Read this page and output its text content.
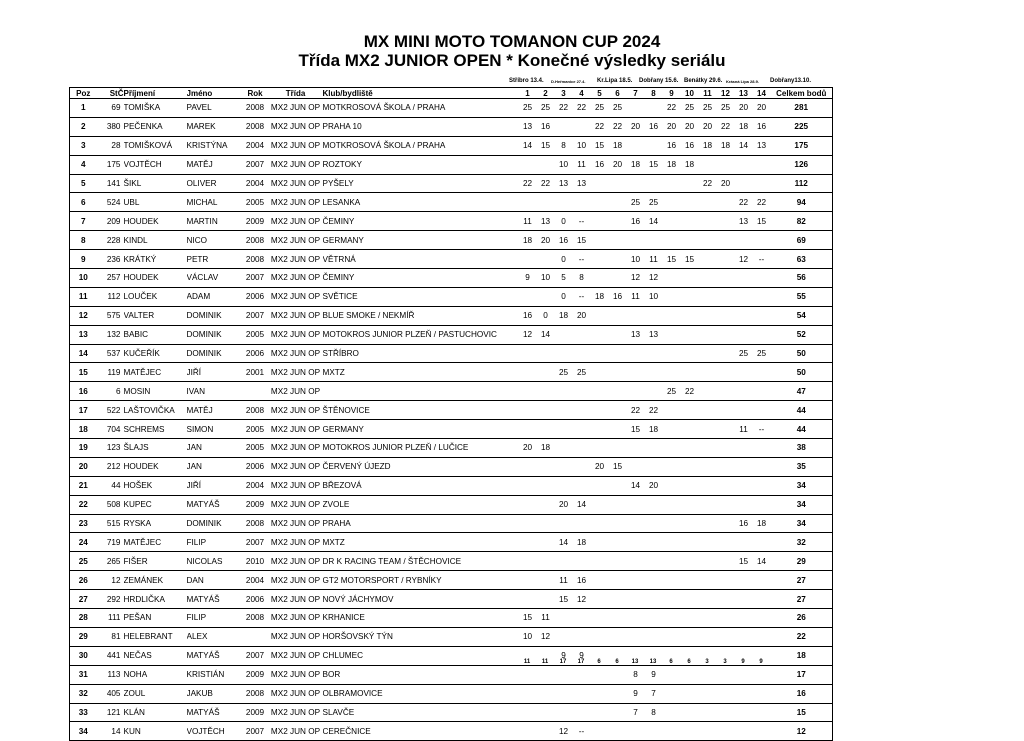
MX MINI MOTO TOMANON CUP 2024
Třída MX2 JUNIOR OPEN * Konečné výsledky seriálu
Stříbro 13.4. D.Heřmanice 27.4. Kr.Lipa 18.5. Dobřany 15.6. Benátky 29.6. Krásná Lípa 28.9. Dobřany13.10.
Poz	StČ	Příjmení	Jméno	Rok	Třída	Klub/bydliště	1	2	3	4	5	6	7	8	9	10	11	12	13	14	Celkem bodů
1	69	TOMIŠKA	PAVEL	2008	MX2 JUN OP	MOTKROSOVÁ ŠKOLA / PRAHA	25	25	22	22	25	25			22	25	25	25	20	20	281
2	380	PEČENKA	MAREK	2008	MX2 JUN OP	PRAHA 10	13	16			22	22	20	16	20	20	20	22	18	16	225
3	28	TOMIŠKOVÁ	KRISTÝNA	2004	MX2 JUN OP	MOTKROSOVÁ ŠKOLA / PRAHA	14	15	8	10	15	18			16	16	18	18	14	13	175
4	175	VOJTĚCH	MATĚJ	2007	MX2 JUN OP	ROZTOKY			10	11	16	20	18	15	18	18					126
5	141	ŠIKL	OLIVER	2004	MX2 JUN OP	PYŠELY	22	22	13	13							22	20			112
6	524	UBL	MICHAL	2005	MX2 JUN OP	LESANKA							25	25					22	22	94
7	209	HOUDEK	MARTIN	2009	MX2 JUN OP	ČEMINY	11	13	0	--			16	14					13	15	82
8	228	KINDL	NICO	2008	MX2 JUN OP	GERMANY	18	20	16	15											69
9	236	KRÁTKÝ	PETR	2008	MX2 JUN OP	VĚTRNÁ			0	--			10	11	15	15			12	--	63
10	257	HOUDEK	VÁCLAV	2007	MX2 JUN OP	ČEMINY	9	10	5	8			12	12							56
11	112	LOUČEK	ADAM	2006	MX2 JUN OP	SVĚTICE			0	--	18	16	11	10							55
12	575	VALTER	DOMINIK	2007	MX2 JUN OP	BLUE SMOKE / NEKMÍŘ	16	0	18	20											54
13	132	BABIC	DOMINIK	2005	MX2 JUN OP	MOTOKROS JUNIOR PLZEŇ / PASTUCHOVIC	12	14					13	13							52
14	537	KUČEŘÍK	DOMINIK	2006	MX2 JUN OP	STŘÍBRO													25	25	50
15	119	MATĚJEC	JIŘÍ	2001	MX2 JUN OP	MXTZ			25	25											50
16	6	MOSIN	IVAN		MX2 JUN OP										25	22					47
17	522	LAŠTOVIČKA	MATĚJ	2008	MX2 JUN OP	ŠTĚNOVICE							22	22							44
18	704	SCHREMS	SIMON	2005	MX2 JUN OP	GERMANY							15	18					11	--	44
19	123	ŠLAJS	JAN	2005	MX2 JUN OP	MOTOKROS JUNIOR PLZEŇ / LUČICE	20	18													38
20	212	HOUDEK	JAN	2006	MX2 JUN OP	ČERVENÝ ÚJEZD					20	15									35
21	44	HOŠEK	JIŘÍ	2004	MX2 JUN OP	BŘEZOVÁ							14	20							34
22	508	KUPEC	MATYÁŠ	2009	MX2 JUN OP	ZVOLE			20	14											34
23	515	RYSKA	DOMINIK	2008	MX2 JUN OP	PRAHA													16	18	34
24	719	MATĚJEC	FILIP	2007	MX2 JUN OP	MXTZ			14	18											32
25	265	FIŠER	NICOLAS	2010	MX2 JUN OP	DR K RACING TEAM / ŠTĚCHOVICE													15	14	29
26	12	ZEMÁNEK	DAN	2004	MX2 JUN OP	GT2 MOTORSPORT / RYBNÍKY			11	16											27
27	292	HRDLIČKA	MATYÁŠ	2006	MX2 JUN OP	NOVÝ JÁCHYMOV			15	12											27
28	111	PEŠAN	FILIP	2008	MX2 JUN OP	KRHANICE	15	11													26
29	81	HELEBRANT	ALEX		MX2 JUN OP	HORŠOVSKÝ TÝN	10	12													22
30	441	NEČAS	MATYÁŠ	2007	MX2 JUN OP	CHLUMEC			9	9											18
31	113	NOHA	KRISTIÁN	2009	MX2 JUN OP	BOR							8	9							17
32	405	ZOUL	JAKUB	2008	MX2 JUN OP	OLBRAMOVICE							9	7							16
33	121	KLÁN	MATYÁŠ	2009	MX2 JUN OP	SLAVČE							7	8							15
34	14	KUN	VOJTĚCH	2007	MX2 JUN OP	CEREČNICE			12	--											12
11	11	17	17	6	6	13	13	6	6	3	3	9	9
